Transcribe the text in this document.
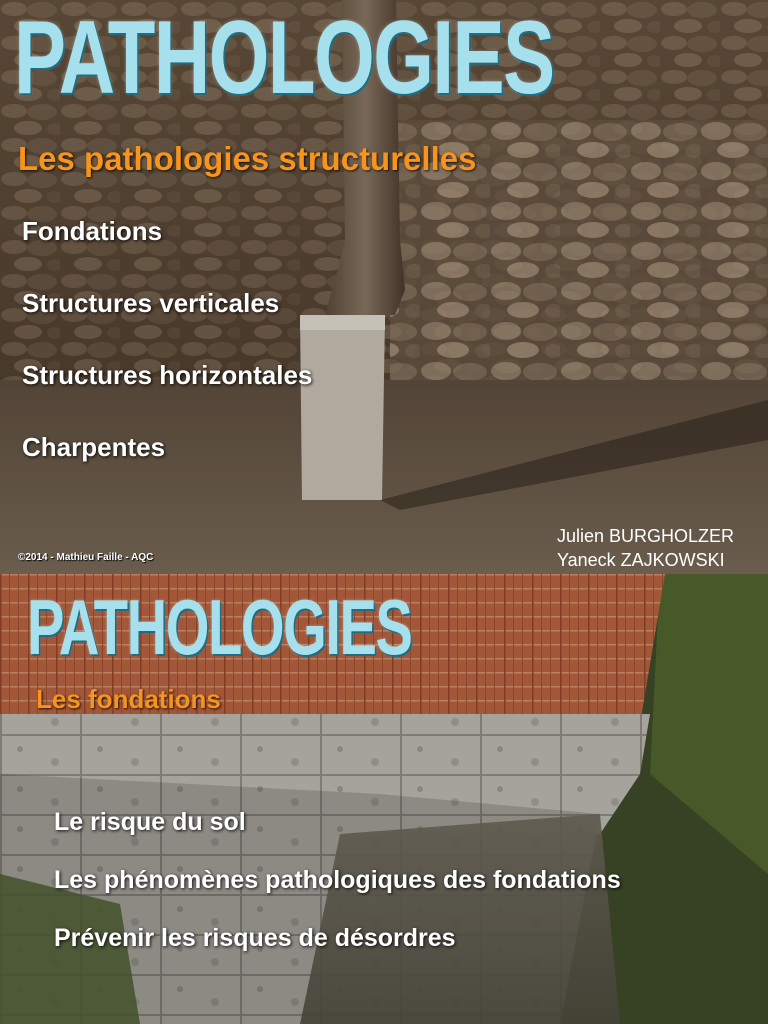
PATHOLOGIES
Les pathologies structurelles

Fondations

Structures verticales

Structures horizontales

Charpentes

Julien BURGHOLZER
Yaneck ZAJKOWSKI
©2014 - Mathieu Faille - AQC
PATHOLOGIES
Les fondations

Le risque du sol

Les phénomènes pathologiques des fondations

Prévenir les risques de désordres
